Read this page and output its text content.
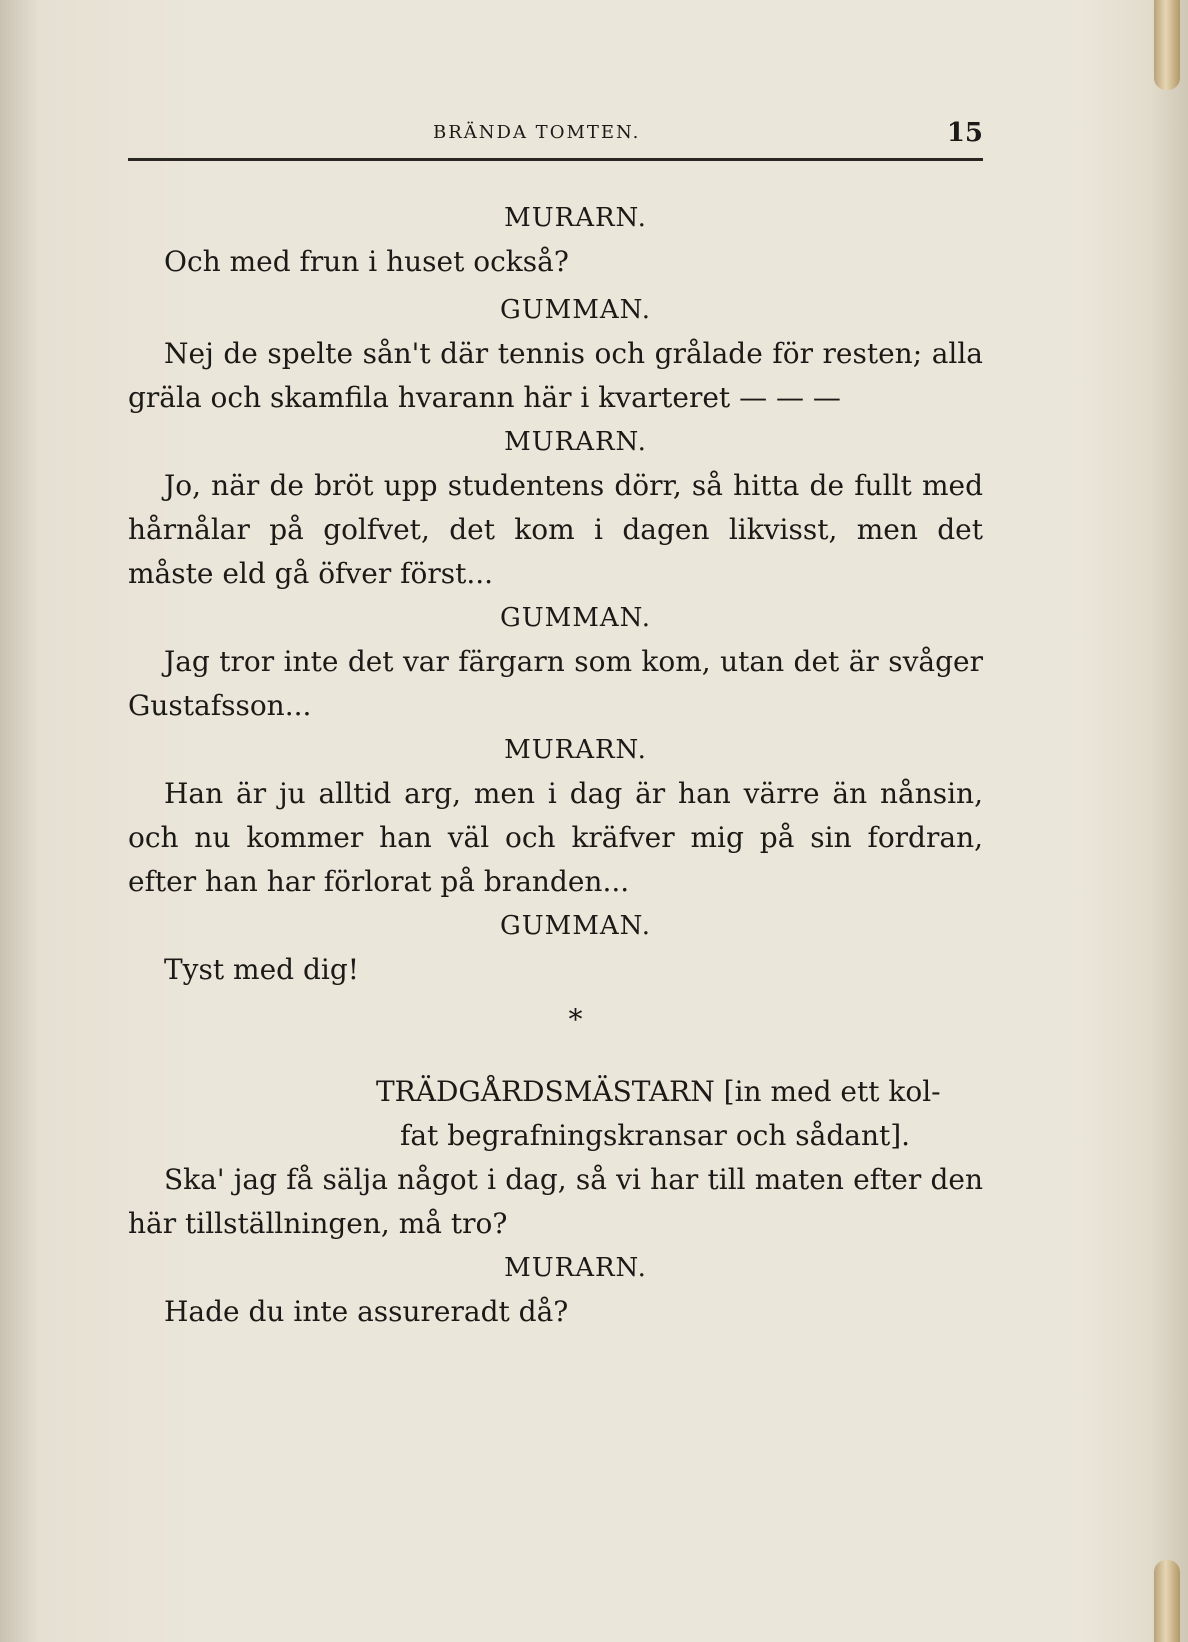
BRÄNDA TOMTEN.	15
MURARN.

Och med frun i huset också?

GUMMAN.

Nej de spelte sån't där tennis och grålade för resten; alla gräla och skamfila hvarann här i kvarteret — — —

MURARN.

Jo, när de bröt upp studentens dörr, så hitta de fullt med hårnålar på golfvet, det kom i dagen likvisst, men det måste eld gå öfver först...

GUMMAN.

Jag tror inte det var färgarn som kom, utan det är svåger Gustafsson...

MURARN.

Han är ju alltid arg, men i dag är han värre än nånsin, och nu kommer han väl och kräfver mig på sin fordran, efter han har förlorat på branden...

GUMMAN.

Tyst med dig!

*
TRÄDGÅRDSMÄSTARN [in med ett kol-
fat begrafningskransar och sådant].

Ska' jag få sälja något i dag, så vi har till maten efter den här tillställningen, må tro?

MURARN.

Hade du inte assureradt då?
